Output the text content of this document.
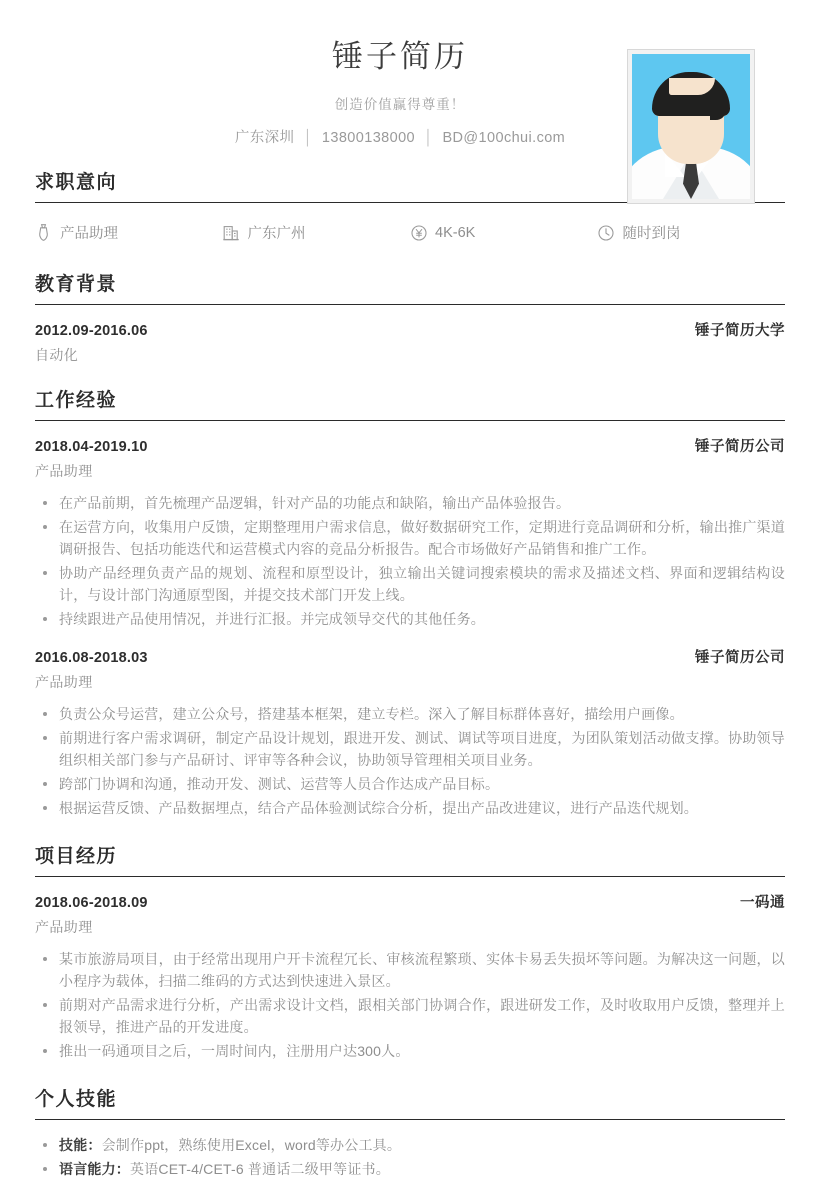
锤子简历
创造价值赢得尊重！
广东深圳 │ 13800138000 │ BD@100chui.com
求职意向
产品助理	广东广州	4K-6K	随时到岗
教育背景
2012.09-2016.06	锤子简历大学
自动化
工作经验
2018.04-2019.10	锤子简历公司
产品助理
在产品前期，首先梳理产品逻辑，针对产品的功能点和缺陷，输出产品体验报告。
在运营方向，收集用户反馈，定期整理用户需求信息，做好数据研究工作，定期进行竞品调研和分析，输出推广渠道调研报告、包括功能迭代和运营模式内容的竞品分析报告。配合市场做好产品销售和推广工作。
协助产品经理负责产品的规划、流程和原型设计，独立输出关键词搜索模块的需求及描述文档、界面和逻辑结构设计，与设计部门沟通原型图，并提交技术部门开发上线。
持续跟进产品使用情况，并进行汇报。并完成领导交代的其他任务。
2016.08-2018.03	锤子简历公司
产品助理
负责公众号运营，建立公众号，搭建基本框架，建立专栏。深入了解目标群体喜好，描绘用户画像。
前期进行客户需求调研，制定产品设计规划，跟进开发、测试、调试等项目进度，为团队策划活动做支撑。协助领导组织相关部门参与产品研讨、评审等各种会议，协助领导管理相关项目业务。
跨部门协调和沟通，推动开发、测试、运营等人员合作达成产品目标。
根据运营反馈、产品数据埋点，结合产品体验测试综合分析，提出产品改进建议，进行产品迭代规划。
项目经历
2018.06-2018.09	一码通
产品助理
某市旅游局项目，由于经常出现用户开卡流程冗长、审核流程繁琐、实体卡易丢失损坏等问题。为解决这一问题，以小程序为载体，扫描二维码的方式达到快速进入景区。
前期对产品需求进行分析，产出需求设计文档，跟相关部门协调合作，跟进研发工作，及时收取用户反馈，整理并上报领导，推进产品的开发进度。
推出一码通项目之后，一周时间内，注册用户达300人。
个人技能
技能：会制作ppt，熟练使用Excel，word等办公工具。
语言能力：英语CET-4/CET-6 普通话二级甲等证书。
